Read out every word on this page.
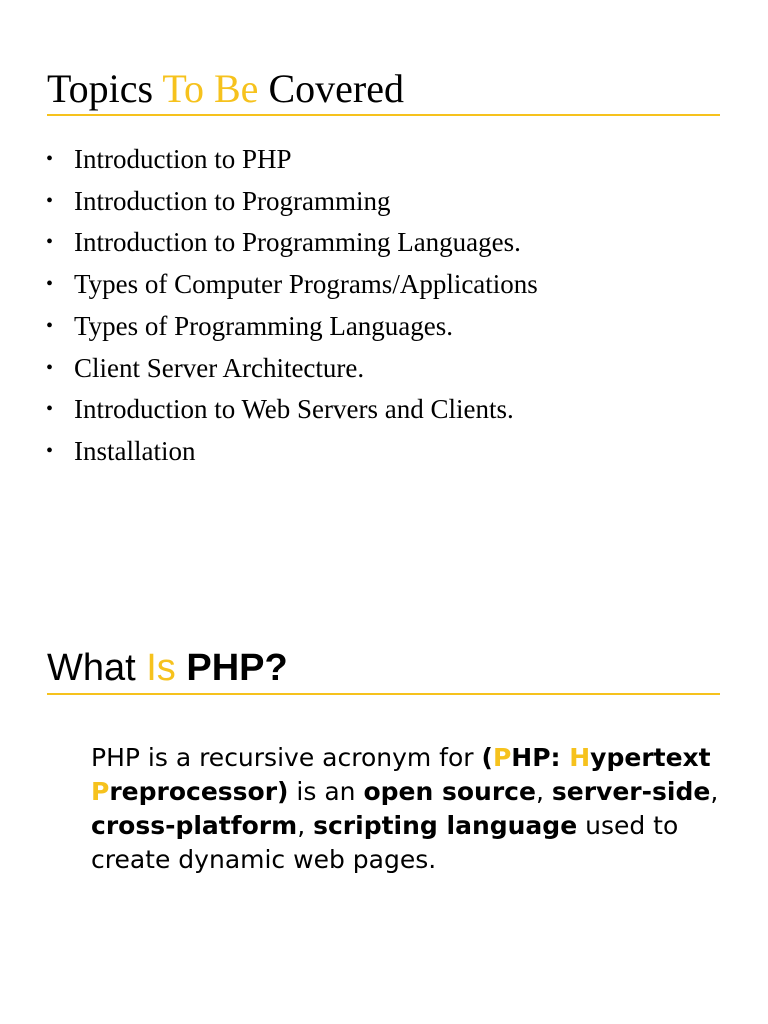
Topics To Be Covered
• Introduction to PHP
• Introduction to Programming
• Introduction to Programming Languages.
• Types of Computer Programs/Applications
• Types of Programming Languages.
• Client Server Architecture.
• Introduction to Web Servers and Clients.
• Installation
What Is PHP?

PHP is a recursive acronym for (PHP: Hypertext Preprocessor) is an open source, server-side, cross-platform, scripting language used to create dynamic web pages.
